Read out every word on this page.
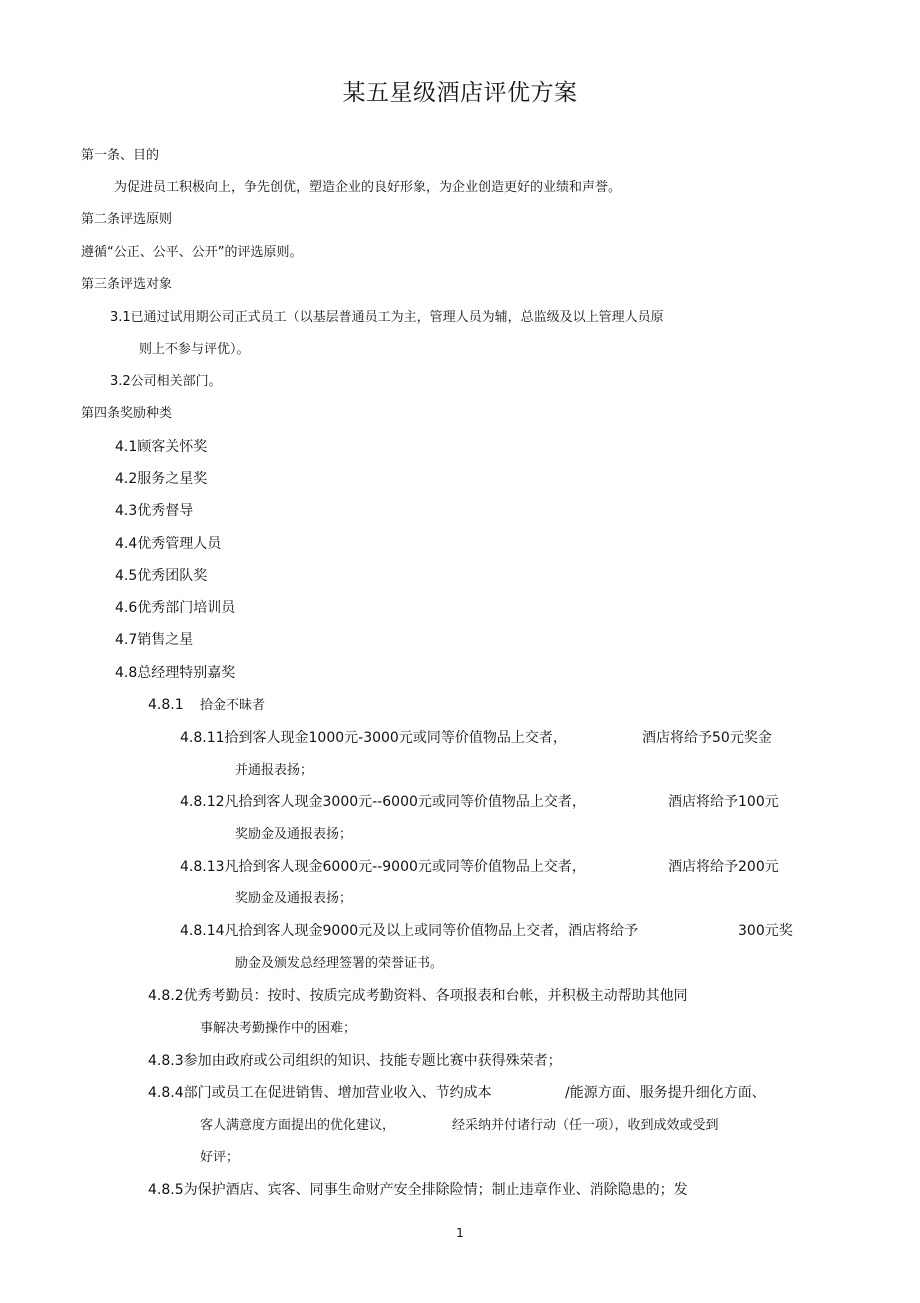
某五星级酒店评优方案
第一条、目的
为促进员工积极向上，争先创优，塑造企业的良好形象，为企业创造更好的业绩和声誉。
第二条评选原则
遵循“公正、公平、公开”的评选原则。
第三条评选对象
3.1已通过试用期公司正式员工（以基层普通员工为主，管理人员为辅，总监级及以上管理人员原
则上不参与评优）。
3.2公司相关部门。
第四条奖励种类
4.1顾客关怀奖
4.2服务之星奖
4.3优秀督导
4.4优秀管理人员
4.5优秀团队奖
4.6优秀部门培训员
4.7销售之星
4.8总经理特别嘉奖
4.8.1 拾金不昧者
4.8.11拾到客人现金1000元-3000元或同等价值物品上交者，	酒店将给予50元奖金
并通报表扬；
4.8.12凡拾到客人现金3000元--6000元或同等价值物品上交者，	酒店将给予100元
奖励金及通报表扬；
4.8.13凡拾到客人现金6000元--9000元或同等价值物品上交者，	酒店将给予200元
奖励金及通报表扬；
4.8.14凡拾到客人现金9000元及以上或同等价值物品上交者，酒店将给予	300元奖
励金及颁发总经理签署的荣誉证书。
4.8.2优秀考勤员：按时、按质完成考勤资料、各项报表和台帐，并积极主动帮助其他同
事解决考勤操作中的困难；
4.8.3参加由政府或公司组织的知识、技能专题比赛中获得殊荣者；
4.8.4部门或员工在促进销售、增加营业收入、节约成本	/能源方面、服务提升细化方面、
客人满意度方面提出的优化建议，	经采纳并付诸行动（任一项），收到成效或受到
好评；
4.8.5为保护酒店、宾客、同事生命财产安全排除险情；制止违章作业、消除隐患的；发
1
